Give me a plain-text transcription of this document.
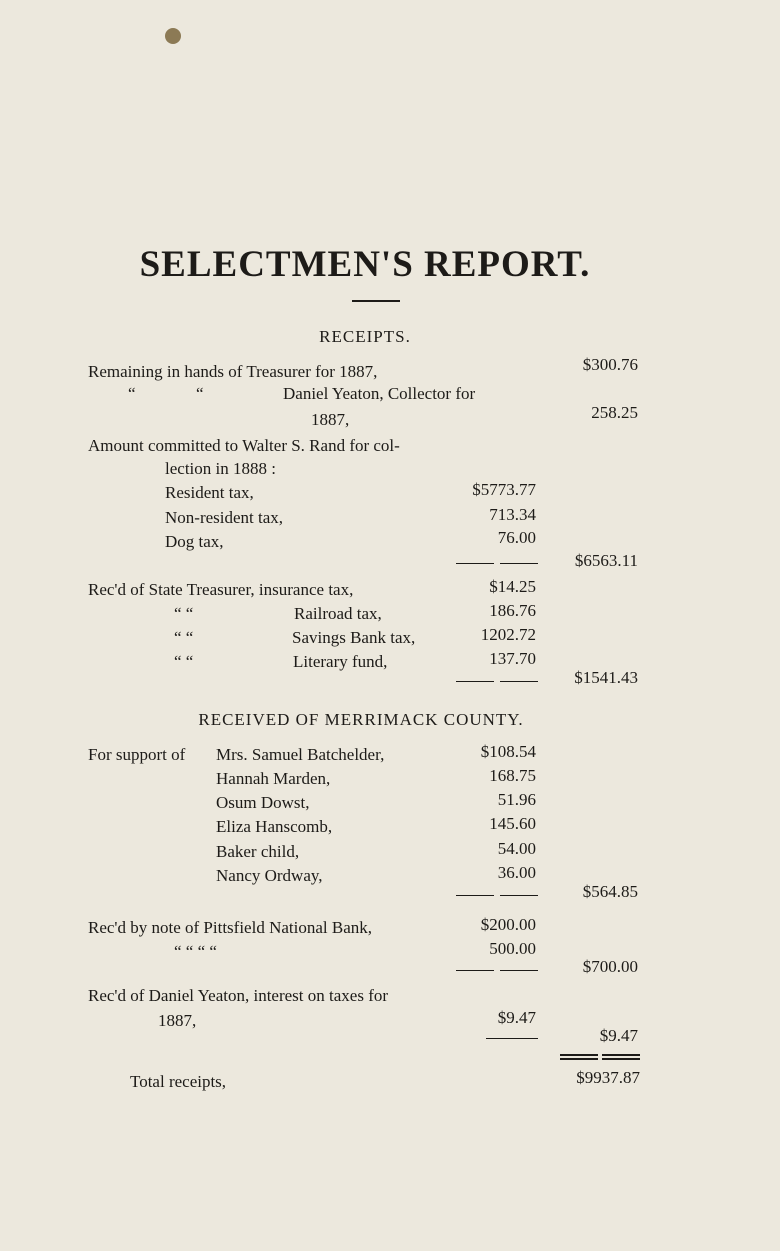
SELECTMEN'S REPORT.
RECEIPTS.
Remaining in hands of Treasurer for 1887,	$300.76
“	“	Daniel Yeaton, Collector for
1887,	258.25
Amount committed to Walter S. Rand for col-
lection in 1888 :
Resident tax,	$5773.77
Non-resident tax,	713.34
Dog tax,	76.00
$6563.11
Rec'd of State Treasurer, insurance tax,	$14.25
“ “	Railroad tax,	186.76
“ “	Savings Bank tax,	1202.72
“ “	Literary fund,	137.70
$1541.43
RECEIVED OF MERRIMACK COUNTY.
For support of Mrs. Samuel Batchelder,	$108.54
Hannah Marden,	168.75
Osum Dowst,	51.96
Eliza Hanscomb,	145.60
Baker child,	54.00
Nancy Ordway,	36.00
$564.85
Rec'd by note of Pittsfield National Bank,	$200.00
“ “ “ “	500.00
$700.00
Rec'd of Daniel Yeaton, interest on taxes for
1887,	$9.47
$9.47
Total receipts,	$9937.87
